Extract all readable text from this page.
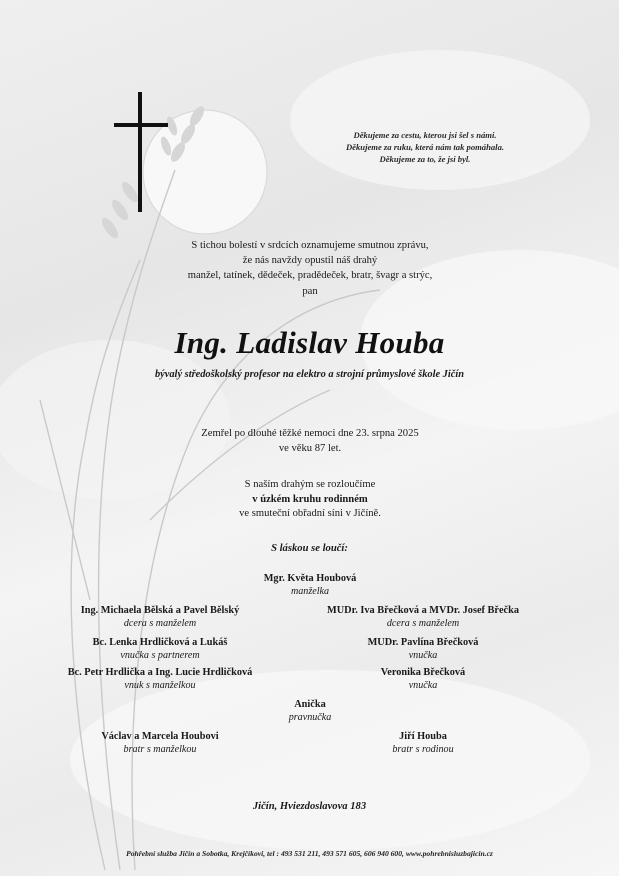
Děkujeme za cestu, kterou jsi šel s námi.
Děkujeme za ruku, která nám tak pomáhala.
Děkujeme za to, že jsi byl.
S tichou bolestí v srdcích oznamujeme smutnou zprávu,
že nás navždy opustil náš drahý
manžel, tatínek, dědeček, pradědeček, bratr, švagr a strýc,
pan
Ing. Ladislav Houba
bývalý středoškolský profesor na elektro a strojní průmyslové škole Jičín
Zemřel po dlouhé těžké nemoci dne 23. srpna 2025
ve věku 87 let.
S naším drahým se rozloučíme
v úzkém kruhu rodinném
ve smuteční obřadní síni v Jičíně.
S láskou se loučí:
Mgr. Květa Houbová
manželka
Ing. Michaela Bělská a Pavel Bělský
dcera s manželem
MUDr. Iva Břečková a MVDr. Josef Břečka
dcera s manželem
Bc. Lenka Hrdličková a Lukáš
vnučka s partnerem
MUDr. Pavlína Břečková
vnučka
Bc. Petr Hrdlička a Ing. Lucie Hrdličková
vnuk s manželkou
Veronika Břečková
vnučka
Anička
pravnučka
Václav a Marcela Houbovi
bratr s manželkou
Jiří Houba
bratr s rodinou
Jičín, Hviezdoslavova 183
Pohřební služba Jičín a Sobotka, Krejčíkovi, tel : 493 531 211, 493 571 605, 606 940 600, www.pohrebnisluzbajicin.cz
